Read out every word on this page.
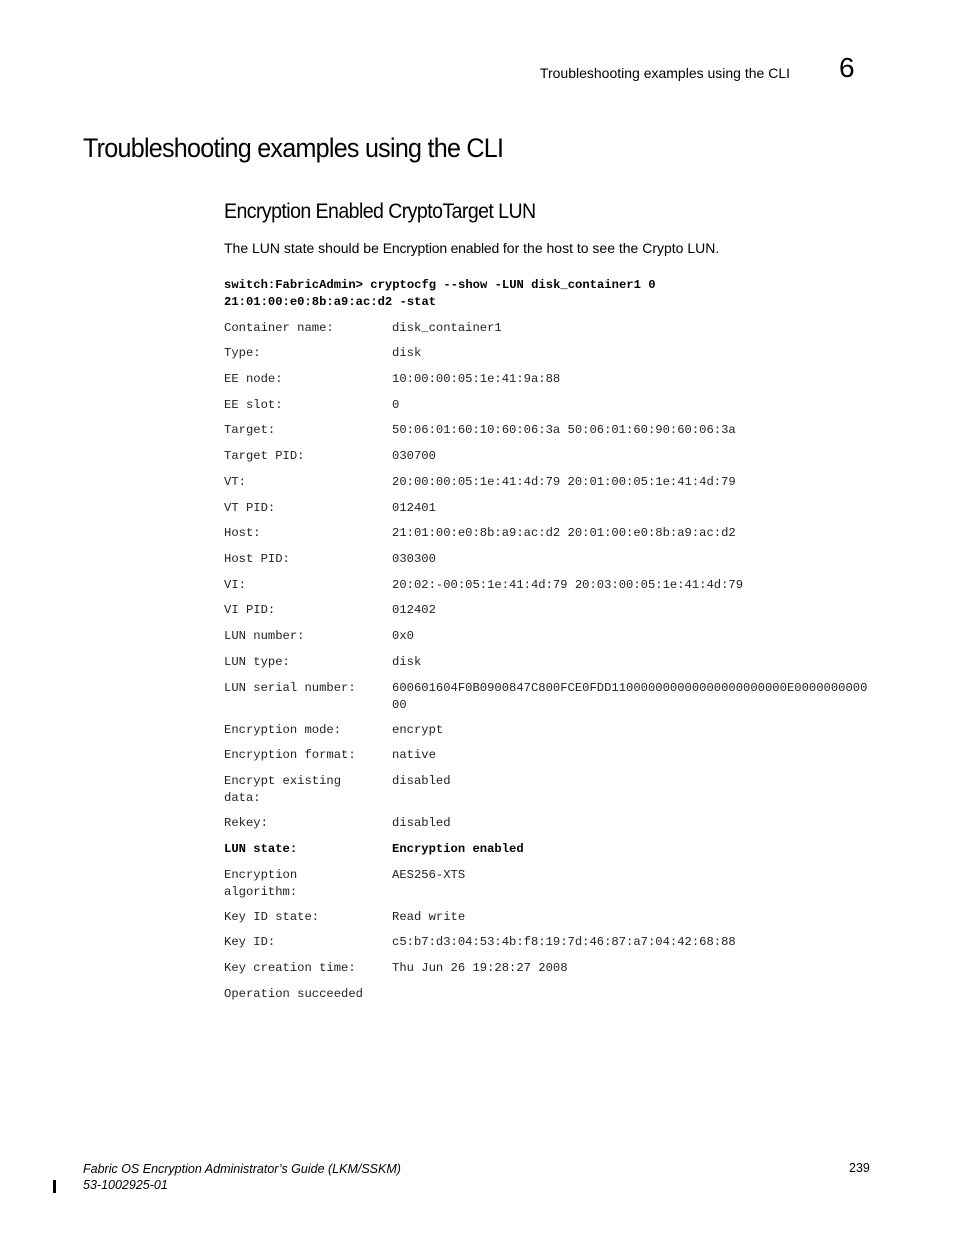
Troubleshooting examples using the CLI 6
Troubleshooting examples using the CLI
Encryption Enabled CryptoTarget LUN

The LUN state should be Encryption enabled for the host to see the Crypto LUN.

switch:FabricAdmin> cryptocfg --show -LUN disk_container1 0
21:01:00:e0:8b:a9:ac:d2 -stat
Container name:	disk_container1
Type:	disk
EE node:	10:00:00:05:1e:41:9a:88
EE slot:	0
Target:	50:06:01:60:10:60:06:3a 50:06:01:60:90:60:06:3a
Target PID:	030700
VT:	20:00:00:05:1e:41:4d:79 20:01:00:05:1e:41:4d:79
VT PID:	012401
Host:	21:01:00:e0:8b:a9:ac:d2 20:01:00:e0:8b:a9:ac:d2
Host PID:	030300
VI:	20:02:-00:05:1e:41:4d:79 20:03:00:05:1e:41:4d:79
VI PID:	012402
LUN number:	0x0
LUN type:	disk
LUN serial number:	600601604F0B0900847C800FCE0FDD110000000000000000000000E000000000000
Encryption mode:	encrypt
Encryption format:	native
Encrypt existing data:
disabled
Rekey:	disabled
LUN state:	Encryption enabled
Encryption algorithm:
AES256-XTS
Key ID state:	Read write
Key ID:	c5:b7:d3:04:53:4b:f8:19:7d:46:87:a7:04:42:68:88
Key creation time:	Thu Jun 26 19:28:27 2008
Operation succeeded
Fabric OS Encryption Administrator’s Guide (LKM/SSKM)
53-1002925-01
239
